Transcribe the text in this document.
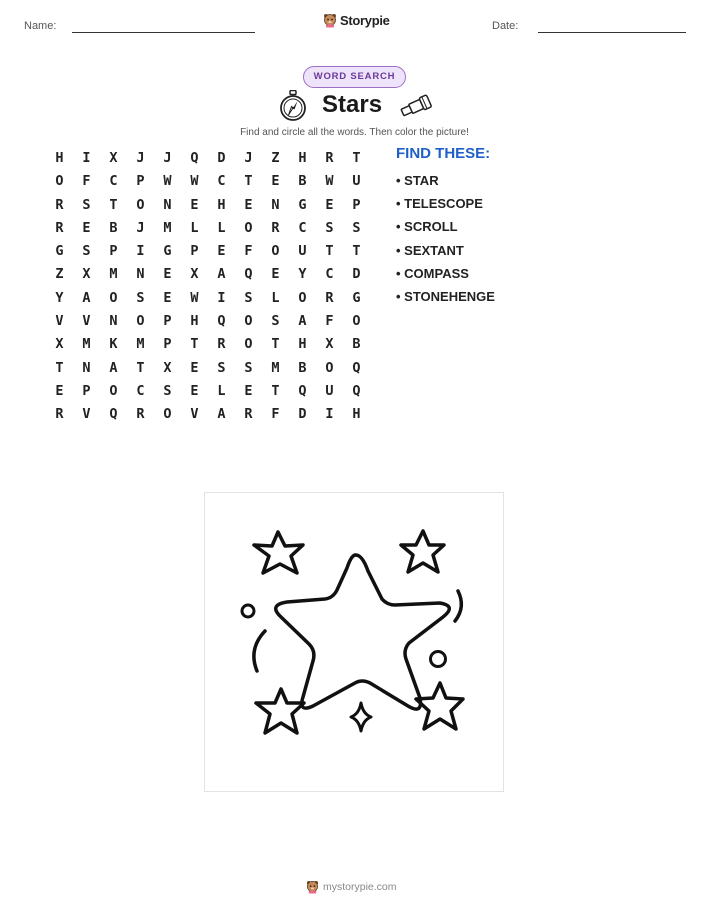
Name:	Storypie	Date:
WORD SEARCH
Stars
Find and circle all the words. Then color the picture!
H	I	X	J	J	Q	D	J	Z	H	R	T
O	F	C	P	W	W	C	T	E	B	W	U
R	S	T	O	N	E	H	E	N	G	E	P
R	E	B	J	M	L	L	O	R	C	S	S
G	S	P	I	G	P	E	F	O	U	T	T
Z	X	M	N	E	X	A	Q	E	Y	C	D
Y	A	O	S	E	W	I	S	L	O	R	G
V	V	N	O	P	H	Q	O	S	A	F	O
X	M	K	M	P	T	R	O	T	H	X	B
T	N	A	T	X	E	S	S	M	B	O	Q
E	P	O	C	S	E	L	E	T	Q	U	Q
R	V	Q	R	O	V	A	R	F	D	I	H
FIND THESE:
• STAR
• TELESCOPE
• SCROLL
• SEXTANT
• COMPASS
• STONEHENGE
mystorypie.com
